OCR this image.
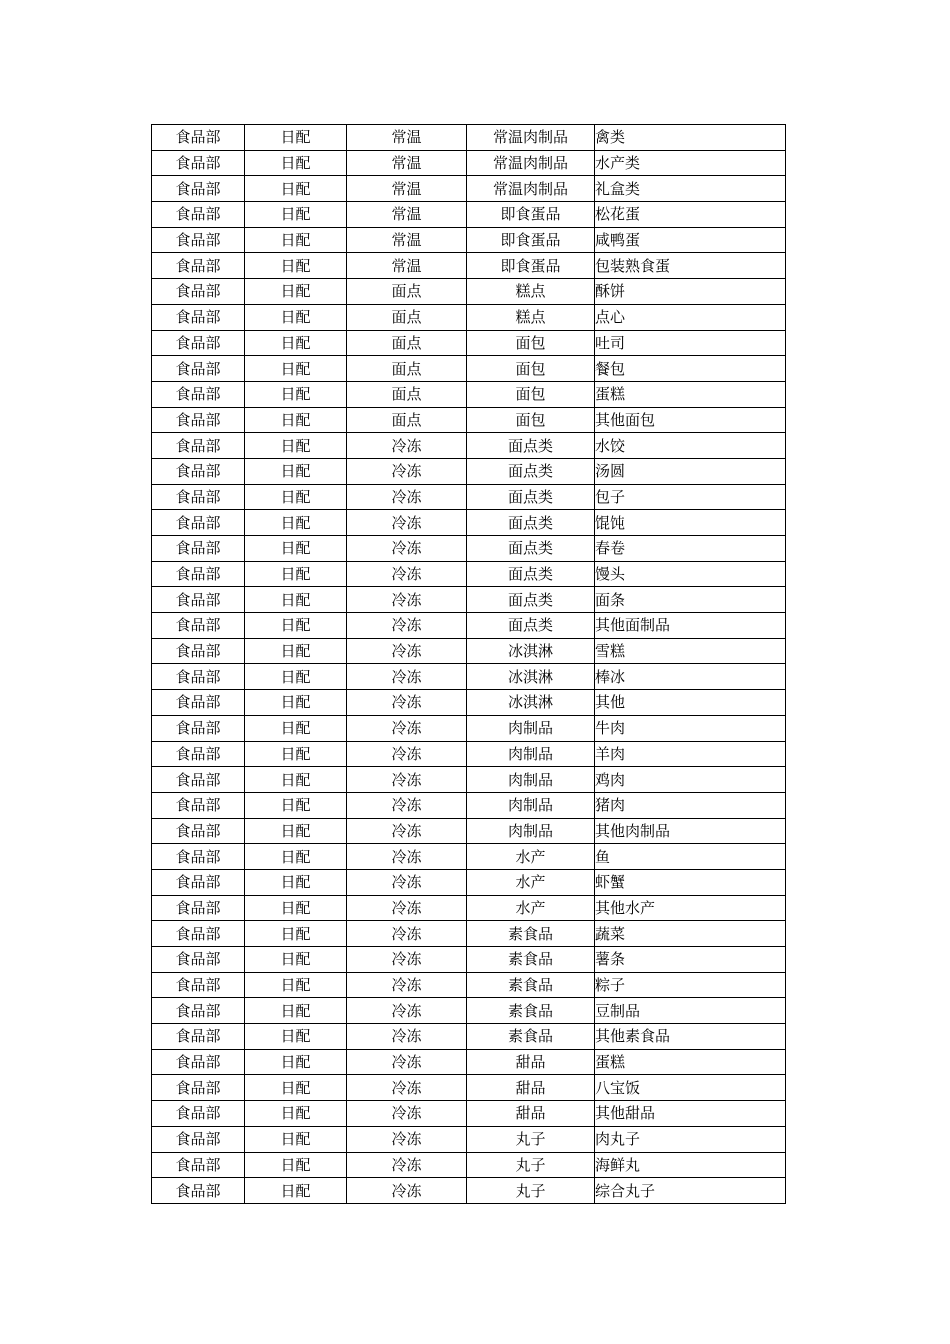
食品部	日配	常温	常温肉制品	禽类
食品部	日配	常温	常温肉制品	水产类
食品部	日配	常温	常温肉制品	礼盒类
食品部	日配	常温	即食蛋品	松花蛋
食品部	日配	常温	即食蛋品	咸鸭蛋
食品部	日配	常温	即食蛋品	包装熟食蛋
食品部	日配	面点	糕点	酥饼
食品部	日配	面点	糕点	点心
食品部	日配	面点	面包	吐司
食品部	日配	面点	面包	餐包
食品部	日配	面点	面包	蛋糕
食品部	日配	面点	面包	其他面包
食品部	日配	冷冻	面点类	水饺
食品部	日配	冷冻	面点类	汤圆
食品部	日配	冷冻	面点类	包子
食品部	日配	冷冻	面点类	馄饨
食品部	日配	冷冻	面点类	春卷
食品部	日配	冷冻	面点类	馒头
食品部	日配	冷冻	面点类	面条
食品部	日配	冷冻	面点类	其他面制品
食品部	日配	冷冻	冰淇淋	雪糕
食品部	日配	冷冻	冰淇淋	棒冰
食品部	日配	冷冻	冰淇淋	其他
食品部	日配	冷冻	肉制品	牛肉
食品部	日配	冷冻	肉制品	羊肉
食品部	日配	冷冻	肉制品	鸡肉
食品部	日配	冷冻	肉制品	猪肉
食品部	日配	冷冻	肉制品	其他肉制品
食品部	日配	冷冻	水产	鱼
食品部	日配	冷冻	水产	虾蟹
食品部	日配	冷冻	水产	其他水产
食品部	日配	冷冻	素食品	蔬菜
食品部	日配	冷冻	素食品	薯条
食品部	日配	冷冻	素食品	粽子
食品部	日配	冷冻	素食品	豆制品
食品部	日配	冷冻	素食品	其他素食品
食品部	日配	冷冻	甜品	蛋糕
食品部	日配	冷冻	甜品	八宝饭
食品部	日配	冷冻	甜品	其他甜品
食品部	日配	冷冻	丸子	肉丸子
食品部	日配	冷冻	丸子	海鲜丸
食品部	日配	冷冻	丸子	综合丸子
